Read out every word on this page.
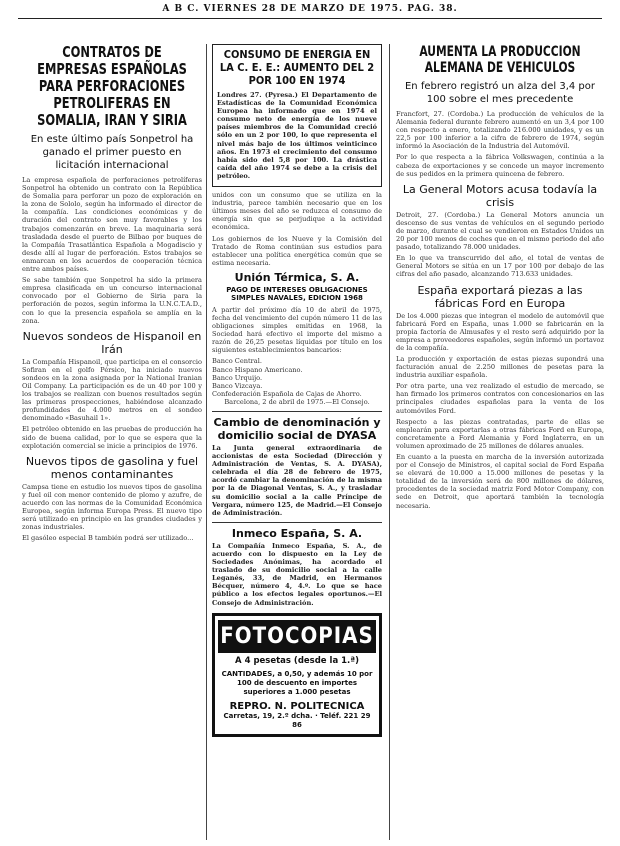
A B C. VIERNES 28 DE MARZO DE 1975. PAG. 38.
CONTRATOS DE EMPRESAS ESPAÑOLAS PARA PERFORACIONES PETROLIFERAS EN SOMALIA, IRAN Y SIRIA
En este último país Sonpetrol ha ganado el primer puesto en licitación internacional

La empresa española de perforaciones petrolíferas Sonpetrol ha obtenido un contrato con la República de Somalia para perforar un pozo de exploración en la zona de Sololo, según ha informado el director de la compañía. Las condiciones económicas y de duración del contrato son muy favorables y los trabajos comenzarán en breve. La maquinaria será trasladada desde el puerto de Bilbao por buques de la Compañía Trasatlántica Española a Mogadiscio y desde allí al lugar de perforación. Estos trabajos se enmarcan en los acuerdos de cooperación técnica entre ambos países.

Se sabe también que Sonpetrol ha sido la primera empresa clasificada en un concurso internacional convocado por el Gobierno de Siria para la perforación de pozos, según informa la U.N.C.T.A.D., con lo que la presencia española se amplía en la zona.

Nuevos sondeos de Hispanoil en Irán

La Compañía Hispanoil, que participa en el consorcio Sofiran en el golfo Pérsico, ha iniciado nuevos sondeos en la zona asignada por la National Iranian Oil Company. La participación es de un 40 por 100 y los trabajos se realizan con buenos resultados según las primeras prospecciones, habiéndose alcanzado profundidades de 4.000 metros en el sondeo denominado «Basuhail 1».

El petróleo obtenido en las pruebas de producción ha sido de buena calidad, por lo que se espera que la explotación comercial se inicie a principios de 1976.

Nuevos tipos de gasolina y fuel menos contaminantes

Campsa tiene en estudio los nuevos tipos de gasolina y fuel oil con menor contenido de plomo y azufre, de acuerdo con las normas de la Comunidad Económica Europea, según informa Europa Press. El nuevo tipo será utilizado en principio en las grandes ciudades y zonas industriales.

El gasóleo especial B también podrá ser utilizado...

CONSUMO DE ENERGIA EN LA C. E. E.: AUMENTO DEL 2 POR 100 EN 1974

Londres 27. (Pyresa.) El Departamento de Estadísticas de la Comunidad Económica Europea ha informado que en 1974 el consumo neto de energía de los nueve países miembros de la Comunidad creció sólo en un 2 por 100, lo que representa el nivel más bajo de los últimos veinticinco años. En 1973 el crecimiento del consumo había sido del 5,8 por 100. La drástica caída del año 1974 se debe a la crisis del petróleo.

unidos con un consumo que se utiliza en la industria, parece también necesario que en los últimos meses del año se reduzca el consumo de energía sin que se perjudique a la actividad económica.

Los gobiernos de los Nueve y la Comisión del Tratado de Roma continúan sus estudios para establecer una política energética común que se estima necesaria.

Unión Térmica, S. A.
PAGO DE INTERESES OBLIGACIONES SIMPLES NAVALES, EDICION 1968

A partir del próximo día 10 de abril de 1975, fecha del vencimiento del cupón número 11 de las obligaciones simples emitidas en 1968, la Sociedad hará efectivo el importe del mismo a razón de 26,25 pesetas líquidas por título en los siguientes establecimientos bancarios:

Banco Central.
Banco Hispano Americano.
Banco Urquijo.
Banco Vizcaya.
Confederación Española de Cajas de Ahorro.

Barcelona, 2 de abril de 1975.—El Consejo.

Cambio de denominación y domicilio social de DYASA

La Junta general extraordinaria de accionistas de esta Sociedad (Dirección y Administración de Ventas, S. A. DYASA), celebrada el día 28 de febrero de 1975, acordó cambiar la denominación de la misma por la de Diagonal Ventas, S. A., y trasladar su domicilio social a la calle Príncipe de Vergara, número 125, de Madrid.—El Consejo de Administración.

Inmeco España, S. A.

La Compañía Inmeco España, S. A., de acuerdo con lo dispuesto en la Ley de Sociedades Anónimas, ha acordado el traslado de su domicilio social a la calle Leganés, 33, de Madrid, en Hermanos Bécquer, número 4, 4.º. Lo que se hace público a los efectos legales oportunos.—El Consejo de Administración.

FOTOCOPIAS
A 4 pesetas (desde la 1.ª)
CANTIDADES, a 0,50, y además 10 por 100 de descuento en importes superiores a 1.000 pesetas
REPRO. N. POLITECNICA
Carretas, 19, 2.º dcha. · Teléf. 221 29 86
AUMENTA LA PRODUCCION ALEMANA DE VEHICULOS
En febrero registró un alza del 3,4 por 100 sobre el mes precedente

Francfort, 27. (Cordoba.) La producción de vehículos de la Alemania federal durante febrero aumentó en un 3,4 por 100 con respecto a enero, totalizando 216.000 unidades, y es un 22,5 por 100 inferior a la cifra de febrero de 1974, según informó la Asociación de la Industria del Automóvil.

Por lo que respecta a la fábrica Volkswagen, continúa a la cabeza de exportaciones y se concede un mayor incremento de sus pedidos en la primera quincena de febrero.

La General Motors acusa todavía la crisis

Detroit, 27. (Cordoba.) La General Motors anuncia un descenso de sus ventas de vehículos en el segundo periodo de marzo, durante el cual se vendieron en Estados Unidos un 20 por 100 menos de coches que en el mismo periodo del año pasado, totalizando 78.000 unidades.

En lo que va transcurrido del año, el total de ventas de General Motors se sitúa en un 17 por 100 por debajo de las cifras del año pasado, alcanzando 713.633 unidades.

España exportará piezas a las fábricas Ford en Europa

De los 4.000 piezas que integran el modelo de automóvil que fabricará Ford en España, unas 1.000 se fabricarán en la propia factoría de Almusafes y el resto será adquirido por la empresa a proveedores españoles, según informó un portavoz de la compañía.

La producción y exportación de estas piezas supondrá una facturación anual de 2.250 millones de pesetas para la industria auxiliar española.

Por otra parte, una vez realizado el estudio de mercado, se han firmado los primeros contratos con concesionarios en las principales ciudades españolas para la venta de los automóviles Ford.

Respecto a las piezas contratadas, parte de ellas se emplearán para exportarlas a otras fábricas Ford en Europa, concretamente a Ford Alemania y Ford Inglaterra, en un volumen aproximado de 25 millones de dólares anuales.

En cuanto a la puesta en marcha de la inversión autorizada por el Consejo de Ministros, el capital social de Ford España se elevará de 10.000 a 15.000 millones de pesetas y la totalidad de la inversión será de 800 millones de dólares, procedentes de la sociedad matriz Ford Motor Company, con sede en Detroit, que aportará también la tecnología necesaria.
